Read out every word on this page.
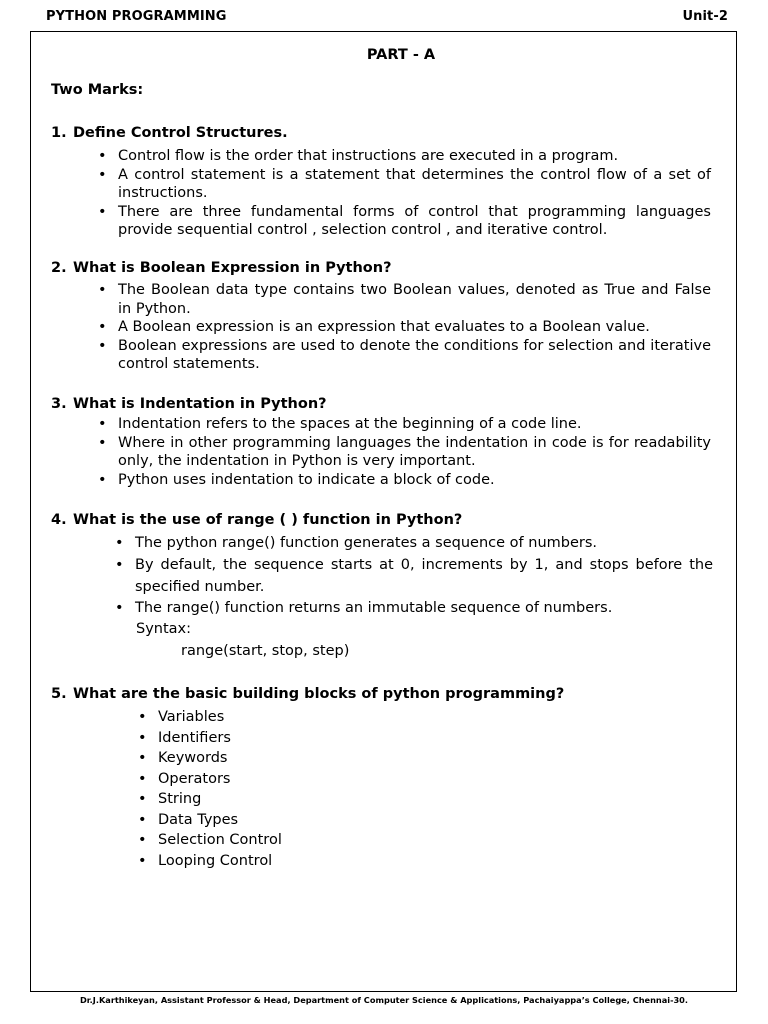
PYTHON PROGRAMMING	Unit-2
PART - A
Two Marks:
1. Define Control Structures.
• Control flow is the order that instructions are executed in a program.
• A control statement is a statement that determines the control flow of a set of instructions.
• There are three fundamental forms of control that programming languages provide sequential control , selection control , and iterative control.
2. What is Boolean Expression in Python?
• The Boolean data type contains two Boolean values, denoted as True and False in Python.
• A Boolean expression is an expression that evaluates to a Boolean value.
• Boolean expressions are used to denote the conditions for selection and iterative control statements.
3. What is Indentation in Python?
• Indentation refers to the spaces at the beginning of a code line.
• Where in other programming languages the indentation in code is for readability only, the indentation in Python is very important.
• Python uses indentation to indicate a block of code.
4. What is the use of range ( ) function in Python?
• The python range() function generates a sequence of numbers.
• By default, the sequence starts at 0, increments by 1, and stops before the specified number.
• The range() function returns an immutable sequence of numbers.
Syntax:
range(start, stop, step)
5. What are the basic building blocks of python programming?
• Variables
• Identifiers
• Keywords
• Operators
• String
• Data Types
• Selection Control
• Looping Control
Dr.J.Karthikeyan, Assistant Professor & Head, Department of Computer Science & Applications, Pachaiyappa’s College, Chennai-30.
